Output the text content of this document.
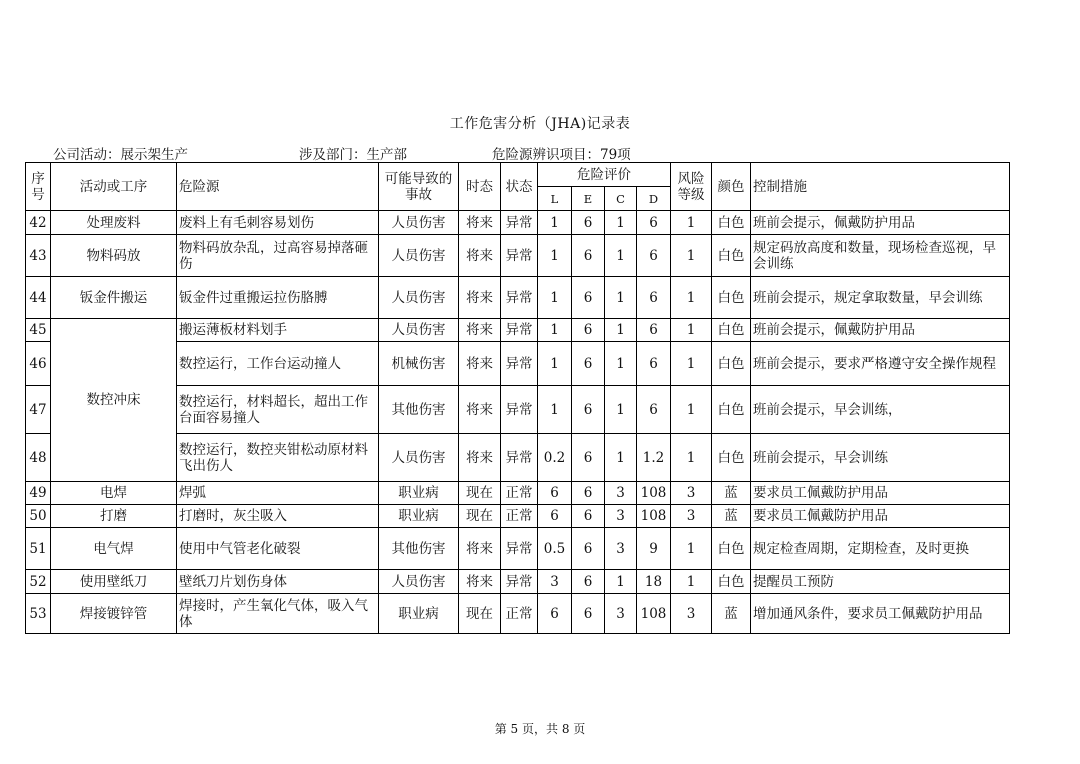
工作危害分析（JHA)记录表
公司活动：展示架生产	涉及部门：生产部	危险源辨识项目：79项
序号	活动或工序	危险源	可能导致的事故	时态	状态	危险评价				风险等级	颜色	控制措施
						L	E	C	D			
42	处理废料	废料上有毛刺容易划伤	人员伤害	将来	异常	1	6	1	6	1	白色	班前会提示，佩戴防护用品
43	物料码放	物料码放杂乱，过高容易掉落砸伤	人员伤害	将来	异常	1	6	1	6	1	白色	规定码放高度和数量，现场检查巡视，早会训练
44	钣金件搬运	钣金件过重搬运拉伤胳膊	人员伤害	将来	异常	1	6	1	6	1	白色	班前会提示，规定拿取数量，早会训练
45	数控冲床	搬运薄板材料划手	人员伤害	将来	异常	1	6	1	6	1	白色	班前会提示，佩戴防护用品
46		数控运行，工作台运动撞人	机械伤害	将来	异常	1	6	1	6	1	白色	班前会提示，要求严格遵守安全操作规程
47		数控运行，材料超长，超出工作台面容易撞人	其他伤害	将来	异常	1	6	1	6	1	白色	班前会提示，早会训练，
48		数控运行，数控夹钳松动原材料飞出伤人	人员伤害	将来	异常	0.2	6	1	1.2	1	白色	班前会提示，早会训练
49	电焊	焊弧	职业病	现在	正常	6	6	3	108	3	蓝	要求员工佩戴防护用品
50	打磨	打磨时，灰尘吸入	职业病	现在	正常	6	6	3	108	3	蓝	要求员工佩戴防护用品
51	电气焊	使用中气管老化破裂	其他伤害	将来	异常	0.5	6	3	9	1	白色	规定检查周期，定期检查，及时更换
52	使用壁纸刀	壁纸刀片划伤身体	人员伤害	将来	异常	3	6	1	18	1	白色	提醒员工预防
53	焊接镀锌管	焊接时，产生氧化气体，吸入气体	职业病	现在	正常	6	6	3	108	3	蓝	增加通风条件，要求员工佩戴防护用品
第 5 页，共 8 页
